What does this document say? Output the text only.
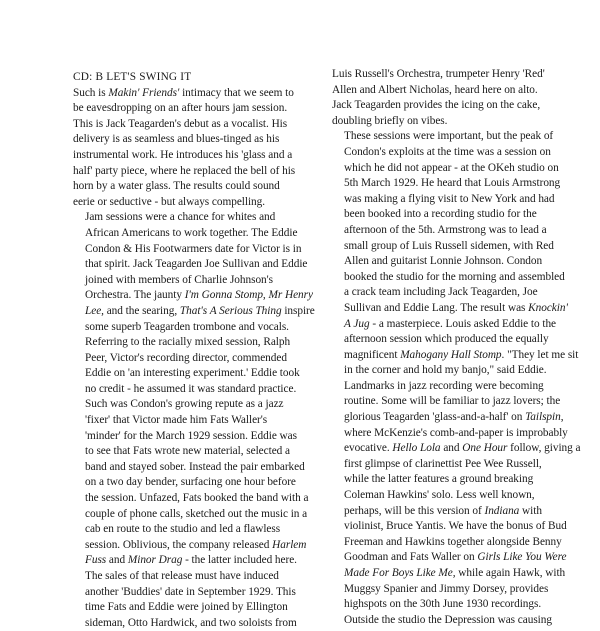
CD: B LET'S SWING IT

Such is Makin' Friends' intimacy that we seem to
be eavesdropping on an after hours jam session.
This is Jack Teagarden's debut as a vocalist. His
delivery is as seamless and blues-tinged as his
instrumental work. He introduces his 'glass and a
half' party piece, where he replaced the bell of his
horn by a water glass. The results could sound
eerie or seductive - but always compelling.

Jam sessions were a chance for whites and
African Americans to work together. The Eddie
Condon & His Footwarmers date for Victor is in
that spirit. Jack Teagarden Joe Sullivan and Eddie
joined with members of Charlie Johnson's
Orchestra. The jaunty I'm Gonna Stomp, Mr Henry
Lee, and the searing, That's A Serious Thing inspire
some superb Teagarden trombone and vocals.

Referring to the racially mixed session, Ralph
Peer, Victor's recording director, commended
Eddie on 'an interesting experiment.' Eddie took
no credit - he assumed it was standard practice.

Such was Condon's growing repute as a jazz
'fixer' that Victor made him Fats Waller's
'minder' for the March 1929 session. Eddie was
to see that Fats wrote new material, selected a
band and stayed sober. Instead the pair embarked
on a two day bender, surfacing one hour before
the session. Unfazed, Fats booked the band with a
couple of phone calls, sketched out the music in a
cab en route to the studio and led a flawless
session. Oblivious, the company released Harlem
Fuss and Minor Drag - the latter included here.

The sales of that release must have induced
another 'Buddies' date in September 1929. This
time Fats and Eddie were joined by Ellington
sideman, Otto Hardwick, and two soloists from

Luis Russell's Orchestra, trumpeter Henry 'Red'
Allen and Albert Nicholas, heard here on alto.
Jack Teagarden provides the icing on the cake,
doubling briefly on vibes.

These sessions were important, but the peak of
Condon's exploits at the time was a session on
which he did not appear - at the OKeh studio on
5th March 1929. He heard that Louis Armstrong
was making a flying visit to New York and had
been booked into a recording studio for the
afternoon of the 5th. Armstrong was to lead a
small group of Luis Russell sidemen, with Red
Allen and guitarist Lonnie Johnson. Condon
booked the studio for the morning and assembled
a crack team including Jack Teagarden, Joe
Sullivan and Eddie Lang. The result was Knockin'
A Jug - a masterpiece. Louis asked Eddie to the
afternoon session which produced the equally
magnificent Mahogany Hall Stomp. "They let me sit
in the corner and hold my banjo," said Eddie.

Landmarks in jazz recording were becoming
routine. Some will be familiar to jazz lovers; the
glorious Teagarden 'glass-and-a-half' on Tailspin,
where McKenzie's comb-and-paper is improbably
evocative. Hello Lola and One Hour follow, giving a
first glimpse of clarinettist Pee Wee Russell,
while the latter features a ground breaking
Coleman Hawkins' solo. Less well known,
perhaps, will be this version of Indiana with
violinist, Bruce Yantis. We have the bonus of Bud
Freeman and Hawkins together alongside Benny
Goodman and Fats Waller on Girls Like You Were
Made For Boys Like Me, while again Hawk, with
Muggsy Spanier and Jimmy Dorsey, provides
highspots on the 30th June 1930 recordings.

Outside the studio the Depression was causing
